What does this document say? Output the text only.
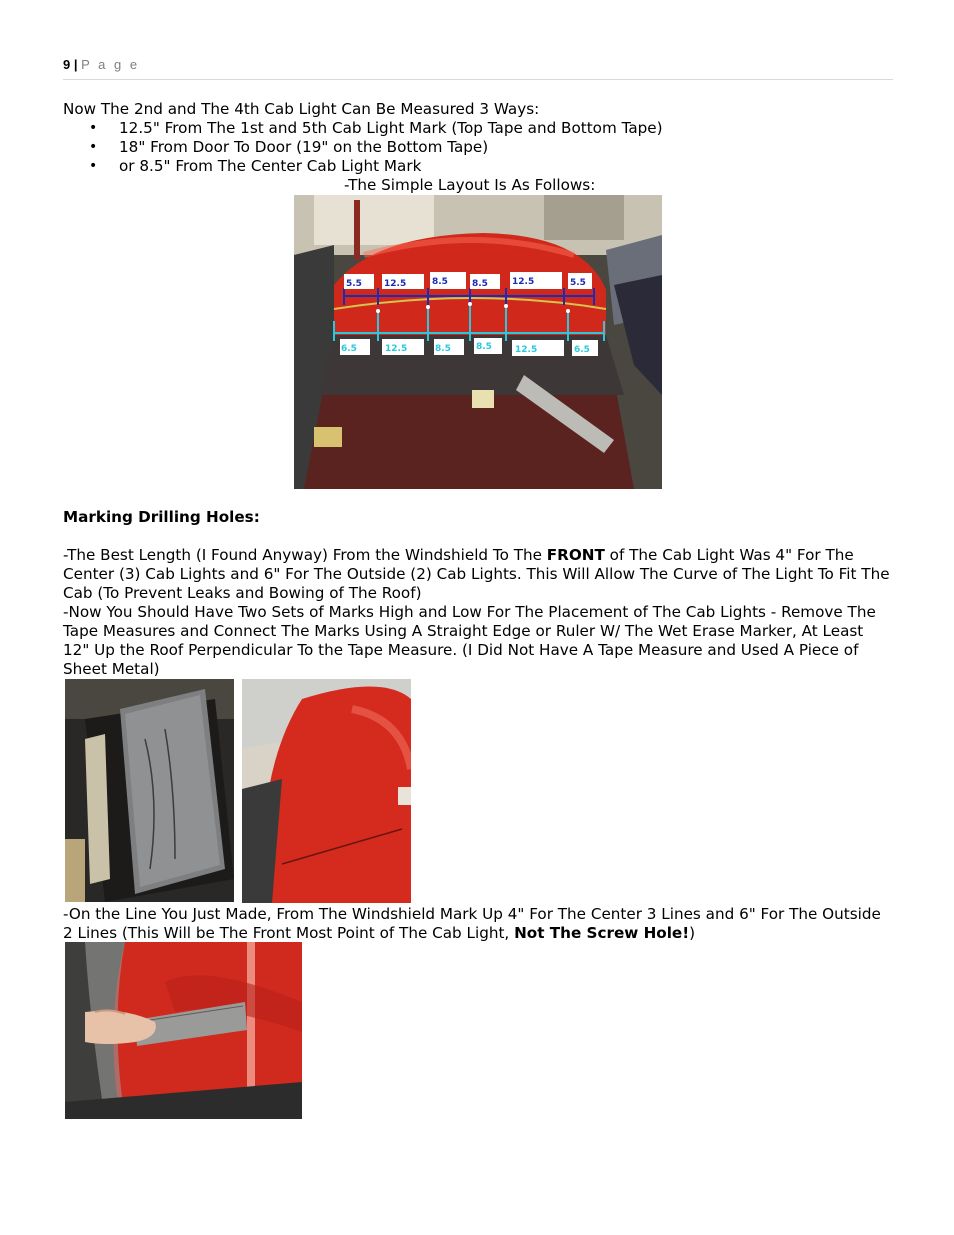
9 | P a g e

Now The 2nd and The 4th Cab Light Can Be Measured 3 Ways:

• 12.5" From The 1st and 5th Cab Light Mark (Top Tape and Bottom Tape)
• 18" From Door To Door (19" on the Bottom Tape)
• or 8.5" From The Center Cab Light Mark

-The Simple Layout Is As Follows:

5.5 12.5	8.5	8.5	12.5	5.5
6.5	12.5	8.5	8.5	12.5	6.5

Marking Drilling Holes:

-The Best Length (I Found Anyway) From the Windshield To The FRONT of The Cab Light Was 4" For The Center (3) Cab Lights and 6" For The Outside (2) Cab Lights. This Will Allow The Curve of The Light To Fit The Cab (To Prevent Leaks and Bowing of The Roof)

-Now You Should Have Two Sets of Marks High and Low For The Placement of The Cab Lights - Remove The Tape Measures and Connect The Marks Using A Straight Edge or Ruler W/ The Wet Erase Marker, At Least 12" Up the Roof Perpendicular To the Tape Measure. (I Did Not Have A Tape Measure and Used A Piece of Sheet Metal)

-On the Line You Just Made, From The Windshield Mark Up 4" For The Center 3 Lines and 6" For The Outside 2 Lines (This Will be The Front Most Point of The Cab Light, Not The Screw Hole!)
